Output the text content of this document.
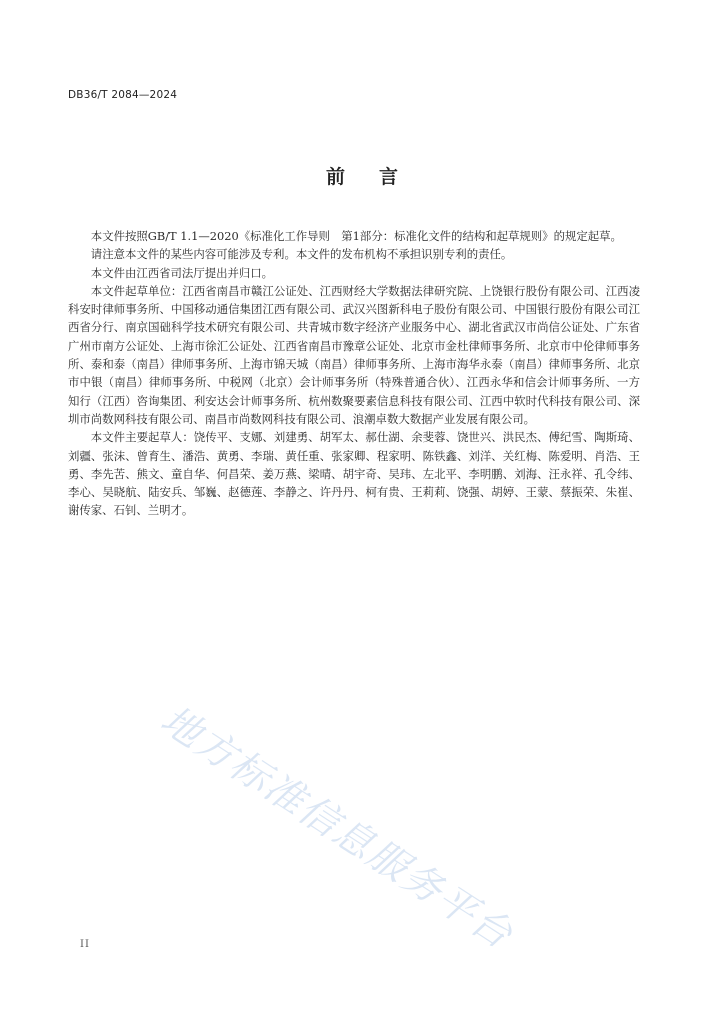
DB36/T 2084—2024
前 言

本文件按照GB/T 1.1—2020《标准化工作导则　第1部分：标准化文件的结构和起草规则》的规定起草。

请注意本文件的某些内容可能涉及专利。本文件的发布机构不承担识别专利的责任。

本文件由江西省司法厅提出并归口。

本文件起草单位：江西省南昌市赣江公证处、江西财经大学数据法律研究院、上饶银行股份有限公司、江西凌科安时律师事务所、中国移动通信集团江西有限公司、武汉兴图新科电子股份有限公司、中国银行股份有限公司江西省分行、南京国础科学技术研究有限公司、共青城市数字经济产业服务中心、湖北省武汉市尚信公证处、广东省广州市南方公证处、上海市徐汇公证处、江西省南昌市豫章公证处、北京市金杜律师事务所、北京市中伦律师事务所、泰和泰（南昌）律师事务所、上海市锦天城（南昌）律师事务所、上海市海华永泰（南昌）律师事务所、北京市中银（南昌）律师事务所、中税网（北京）会计师事务所（特殊普通合伙）、江西永华和信会计师事务所、一方知行（江西）咨询集团、利安达会计师事务所、杭州数聚要素信息科技有限公司、江西中软时代科技有限公司、深圳市尚数网科技有限公司、南昌市尚数网科技有限公司、浪潮卓数大数据产业发展有限公司。

本文件主要起草人：饶传平、支娜、刘建勇、胡军太、郝仕湖、余斐蓉、饶世兴、洪民杰、傅纪雪、陶斯琦、刘疆、张沫、曾育生、潘浩、黄勇、李瑞、黄任重、张家卿、程家明、陈铁鑫、刘洋、关红梅、陈爱明、肖浩、王勇、李先苦、熊文、童自华、何昌荣、姜万燕、梁晴、胡宇奇、吴玮、左北平、李明鹏、刘海、汪永祥、孔令纬、李心、吴晓航、陆安兵、邹巍、赵德莲、李静之、许丹丹、柯有贵、王莉莉、饶强、胡婷、王蒙、蔡振荣、朱崔、谢传家、石钊、兰明才。

地方标准信息服务平台
II
